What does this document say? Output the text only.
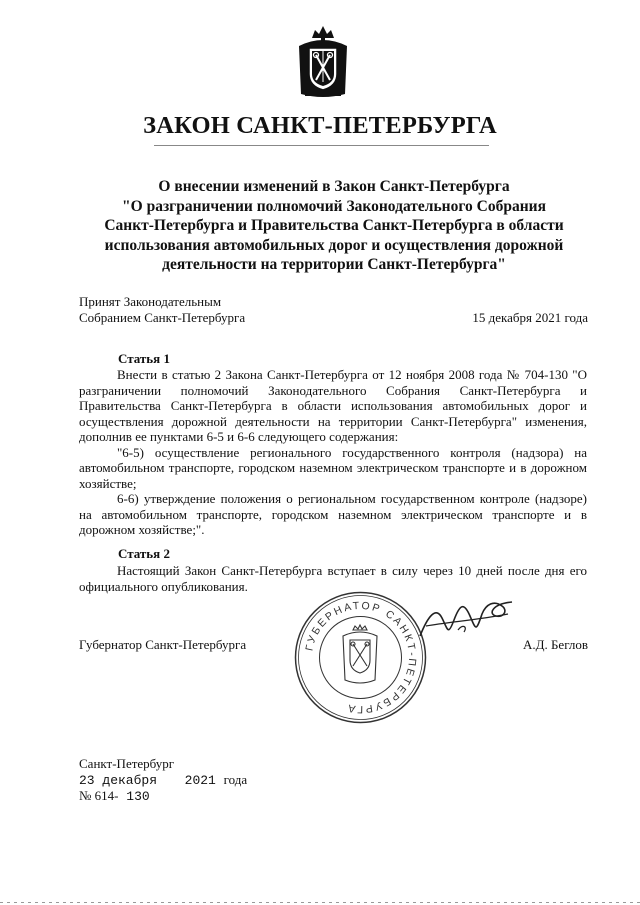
ЗАКОН САНКТ-ПЕТЕРБУРГА
О внесении изменений в Закон Санкт-Петербурга
"О разграничении полномочий Законодательного Собрания
Санкт-Петербурга и Правительства Санкт-Петербурга в области
использования автомобильных дорог и осуществления дорожной
деятельности на территории Санкт-Петербурга"
Принят Законодательным
Собранием Санкт-Петербурга	15 декабря 2021 года
Статья 1

Внести в статью 2 Закона Санкт-Петербурга от 12 ноября 2008 года № 704-130 "О разграничении полномочий Законодательного Собрания Санкт-Петербурга и Правительства Санкт-Петербурга в области использования автомобильных дорог и осуществления дорожной деятельности на территории Санкт-Петербурга" изменения, дополнив ее пунктами 6-5 и 6-6 следующего содержания:

"6-5) осуществление регионального государственного контроля (надзора) на автомобильном транспорте, городском наземном электрическом транспорте и в дорожном хозяйстве;

6-6) утверждение положения о региональном государственном контроле (надзоре) на автомобильном транспорте, городском наземном электрическом транспорте и в дорожном хозяйстве;".

Статья 2

Настоящий Закон Санкт-Петербурга вступает в силу через 10 дней после дня его официального опубликования.

Губернатор Санкт-Петербурга	А.Д. Беглов
ГУБЕРНАТОР САНКТ-ПЕТЕРБУРГА
Санкт-Петербург
23 декабря 2021 года
№ 614- 130
